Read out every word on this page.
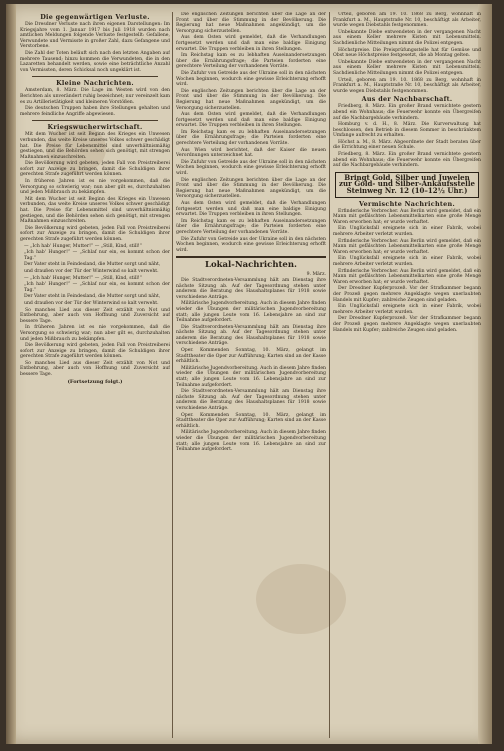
Die gegenwärtigen Verluste.

Die Dresdner Verluste nach ihren eigenen Darstellungen: Im Kriegsjahre vom 1. Januar 1917 bis Juli 1918 wurden nach amtlichen Meldungen folgende Verluste festgestellt: Gefallene, Verwundete und Vermisste in großer Zahl, dazu Gefangene und Verstorbene.

Die Zahl der Toten beläuft sich nach den letzten Angaben auf mehrere Tausend; hinzu kommen die Verwundeten, die in den Lazaretten behandelt werden, sowie eine beträchtliche Anzahl von Vermissten, deren Schicksal noch ungeklärt ist.

Kleine Nachrichten.

Amsterdam, 8. März. Die Lage im Westen wird von den Berichten als unverändert ruhig bezeichnet; nur vereinzelt kam es zu Artillerietätigkeit und kleineren Vorstößen.

Die deutschen Truppen haben ihre Stellungen gehalten und mehrere feindliche Angriffe abgewiesen.

Kriegswucherwirtschaft.

Mit dem Wucher ist seit Beginn des Krieges ein Unwesen verbunden, das weite Kreise unseres Volkes schwer geschädigt hat. Die Preise für Lebensmittel sind unverhältnismäßig gestiegen, und die Behörden sehen sich genötigt, mit strengen Maßnahmen einzuschreiten.

Die Bevölkerung wird gebeten, jeden Fall von Preistreiberei sofort zur Anzeige zu bringen, damit die Schuldigen ihrer gerechten Strafe zugeführt werden können.

In früheren Jahren ist es nie vorgekommen, daß die Versorgung so schwierig war; nun aber gilt es, durchzuhalten und jeden Mißbrauch zu bekämpfen.

Mit dem Wucher ist seit Beginn des Krieges ein Unwesen verbunden, das weite Kreise unseres Volkes schwer geschädigt hat. Die Preise für Lebensmittel sind unverhältnismäßig gestiegen, und die Behörden sehen sich genötigt, mit strengen Maßnahmen einzuschreiten.

Die Bevölkerung wird gebeten, jeden Fall von Preistreiberei sofort zur Anzeige zu bringen, damit die Schuldigen ihrer gerechten Strafe zugeführt werden können.

— „Ich hab' Hunger, Mutter!“ — „Still, Kind, still!“

„Ich hab' Hunger!“ — „Schlaf nur ein, es kommt schon der Tag.“

Der Vater steht in Feindesland, die Mutter sorgt und näht,

und draußen vor der Tür der Winterwind so kalt verweht.

— „Ich hab' Hunger, Mutter!“ — „Still, Kind, still!“

„Ich hab' Hunger!“ — „Schlaf nur ein, es kommt schon der Tag.“

Der Vater steht in Feindesland, die Mutter sorgt und näht,

und draußen vor der Tür der Winterwind so kalt verweht.

So manches Lied aus dieser Zeit erzählt von Not und Entbehrung, aber auch von Hoffnung und Zuversicht auf bessere Tage.

In früheren Jahren ist es nie vorgekommen, daß die Versorgung so schwierig war; nun aber gilt es, durchzuhalten und jeden Mißbrauch zu bekämpfen.

Die Bevölkerung wird gebeten, jeden Fall von Preistreiberei sofort zur Anzeige zu bringen, damit die Schuldigen ihrer gerechten Strafe zugeführt werden können.

So manches Lied aus dieser Zeit erzählt von Not und Entbehrung, aber auch von Hoffnung und Zuversicht auf bessere Tage.

(Fortsetzung folgt.)

Die englischen Zeitungen berichten über die Lage an der Front und über die Stimmung in der Bevölkerung. Die Regierung hat neue Maßnahmen angekündigt, um die Versorgung sicherzustellen.

Aus dem Osten wird gemeldet, daß die Verhandlungen fortgesetzt werden und daß man eine baldige Einigung erwartet. Die Truppen verbleiben in ihren Stellungen.

Im Reichstag kam es zu lebhaften Auseinandersetzungen über die Ernährungsfrage; die Parteien forderten eine gerechtere Verteilung der vorhandenen Vorräte.

Die Zufuhr von Getreide aus der Ukraine soll in den nächsten Wochen beginnen, wodurch eine gewisse Erleichterung erhofft wird.

Die englischen Zeitungen berichten über die Lage an der Front und über die Stimmung in der Bevölkerung. Die Regierung hat neue Maßnahmen angekündigt, um die Versorgung sicherzustellen.

Aus dem Osten wird gemeldet, daß die Verhandlungen fortgesetzt werden und daß man eine baldige Einigung erwartet. Die Truppen verbleiben in ihren Stellungen.

Im Reichstag kam es zu lebhaften Auseinandersetzungen über die Ernährungsfrage; die Parteien forderten eine gerechtere Verteilung der vorhandenen Vorräte.

Aus Wien wird berichtet, daß der Kaiser die neuen Verordnungen unterzeichnet hat.

Die Zufuhr von Getreide aus der Ukraine soll in den nächsten Wochen beginnen, wodurch eine gewisse Erleichterung erhofft wird.

Die englischen Zeitungen berichten über die Lage an der Front und über die Stimmung in der Bevölkerung. Die Regierung hat neue Maßnahmen angekündigt, um die Versorgung sicherzustellen.

Aus dem Osten wird gemeldet, daß die Verhandlungen fortgesetzt werden und daß man eine baldige Einigung erwartet. Die Truppen verbleiben in ihren Stellungen.

Im Reichstag kam es zu lebhaften Auseinandersetzungen über die Ernährungsfrage; die Parteien forderten eine gerechtere Verteilung der vorhandenen Vorräte.

Die Zufuhr von Getreide aus der Ukraine soll in den nächsten Wochen beginnen, wodurch eine gewisse Erleichterung erhofft wird.

Lokal-Nachrichten.
9. März.

Die Stadtverordneten-Versammlung hält am Dienstag ihre nächste Sitzung ab. Auf der Tagesordnung stehen unter anderem die Beratung des Haushaltsplanes für 1918 sowie verschiedene Anträge.

Militärische Jugendvorbereitung. Auch in diesem Jahre finden wieder die Übungen der militärischen Jugendvorbereitung statt; alle jungen Leute vom 16. Lebensjahre an sind zur Teilnahme aufgefordert.

Die Stadtverordneten-Versammlung hält am Dienstag ihre nächste Sitzung ab. Auf der Tagesordnung stehen unter anderem die Beratung des Haushaltsplanes für 1918 sowie verschiedene Anträge.

Oper. Kommenden Sonntag, 10. März, gelangt im Stadttheater die Oper zur Aufführung; Karten sind an der Kasse erhältlich.

Militärische Jugendvorbereitung. Auch in diesem Jahre finden wieder die Übungen der militärischen Jugendvorbereitung statt; alle jungen Leute vom 16. Lebensjahre an sind zur Teilnahme aufgefordert.

Die Stadtverordneten-Versammlung hält am Dienstag ihre nächste Sitzung ab. Auf der Tagesordnung stehen unter anderem die Beratung des Haushaltsplanes für 1918 sowie verschiedene Anträge.

Oper. Kommenden Sonntag, 10. März, gelangt im Stadttheater die Oper zur Aufführung; Karten sind an der Kasse erhältlich.

Militärische Jugendvorbereitung. Auch in diesem Jahre finden wieder die Übungen der militärischen Jugendvorbereitung statt; alle jungen Leute vom 16. Lebensjahre an sind zur Teilnahme aufgefordert.

Urteil, geboren am 19. 10. 1868 zu Berg, wohnhaft in Frankfurt a. M., Hauptstraße Nr. 10, beschäftigt als Arbeiter, wurde wegen Diebstahls festgenommen.

Unbekannte Diebe entwendeten in der vergangenen Nacht aus einem Keller mehrere Kisten mit Lebensmitteln. Sachdienliche Mitteilungen nimmt die Polizei entgegen.

Höchstpreise. Die Preisprüfungsstelle hat für Gemüse und Obst neue Höchstpreise festgesetzt, die ab Montag gelten.

Unbekannte Diebe entwendeten in der vergangenen Nacht aus einem Keller mehrere Kisten mit Lebensmitteln. Sachdienliche Mitteilungen nimmt die Polizei entgegen.

Urteil, geboren am 19. 10. 1868 zu Berg, wohnhaft in Frankfurt a. M., Hauptstraße Nr. 10, beschäftigt als Arbeiter, wurde wegen Diebstahls festgenommen.

Aus der Nachbarschaft.

Friedberg, 8. März. Ein großer Brand vernichtete gestern abend ein Wohnhaus; die Feuerwehr konnte ein Übergreifen auf die Nachbargebäude verhindern.

Homburg v. d. H., 8. März. Die Kurverwaltung hat beschlossen, den Betrieb in diesem Sommer in beschränktem Umfange aufrecht zu erhalten.

Höchst a. M., 8. März. Abgeordnete der Stadt beraten über die Errichtung einer neuen Schule.

Friedberg, 8. März. Ein großer Brand vernichtete gestern abend ein Wohnhaus; die Feuerwehr konnte ein Übergreifen auf die Nachbargebäude verhindern.

Bringt Gold, Silber und Juwelen zur Gold- und Silber-Ankaufsstelle
Steinweg Nr. 12 (10–12½ Uhr.)
Vermischte Nachrichten.

Erfinderische Verbrecher. Aus Berlin wird gemeldet, daß ein Mann mit gefälschten Lebensmittelkarten eine große Menge Waren erworben hat; er wurde verhaftet.

Ein Unglücksfall ereignete sich in einer Fabrik, wobei mehrere Arbeiter verletzt wurden.

Erfinderische Verbrecher. Aus Berlin wird gemeldet, daß ein Mann mit gefälschten Lebensmittelkarten eine große Menge Waren erworben hat; er wurde verhaftet.

Ein Unglücksfall ereignete sich in einer Fabrik, wobei mehrere Arbeiter verletzt wurden.

Erfinderische Verbrecher. Aus Berlin wird gemeldet, daß ein Mann mit gefälschten Lebensmittelkarten eine große Menge Waren erworben hat; er wurde verhaftet.

Der Dresdner Kupferprozeß. Vor der Strafkammer begann der Prozeß gegen mehrere Angeklagte wegen unerlaubten Handels mit Kupfer; zahlreiche Zeugen sind geladen.

Ein Unglücksfall ereignete sich in einer Fabrik, wobei mehrere Arbeiter verletzt wurden.

Der Dresdner Kupferprozeß. Vor der Strafkammer begann der Prozeß gegen mehrere Angeklagte wegen unerlaubten Handels mit Kupfer; zahlreiche Zeugen sind geladen.
